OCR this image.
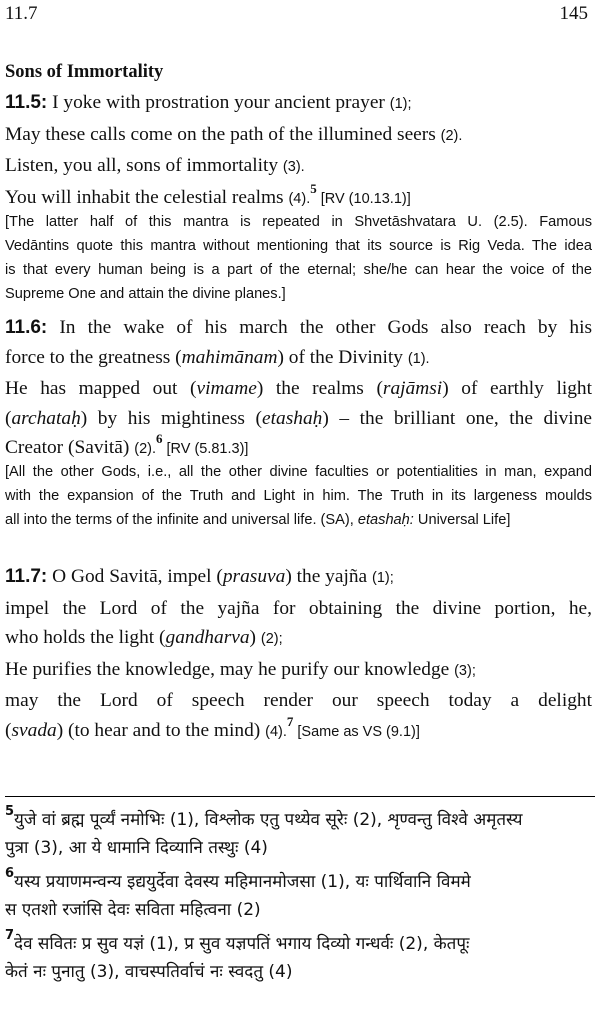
11.7	145
Sons of Immortality
11.5: I yoke with prostration your ancient prayer (1);
May these calls come on the path of the illumined seers (2).
Listen, you all, sons of immortality (3).
You will inhabit the celestial realms (4).$^5$ [RV (10.13.1)]
[The latter half of this mantra is repeated in Shvetāshvatara U. (2.5). Famous
Vedāntins quote this mantra without mentioning that its source is Rig Veda. The idea
is that every human being is a part of the eternal; she/he can hear the voice of the
Supreme One and attain the divine planes.]
11.6: In the wake of his march the other Gods also reach by his
force to the greatness (mahimānam) of the Divinity (1).
He has mapped out (vimame) the realms (rajāmsi) of earthly light
(archataḥ) by his mightiness (etashaḥ) – the brilliant one, the divine
Creator (Savitā) (2).$^6$ [RV (5.81.3)]
[All the other Gods, i.e., all the other divine faculties or potentialities in man, expand
with the expansion of the Truth and Light in him. The Truth in its largeness moulds
all into the terms of the infinite and universal life. (SA), etashaḥ: Universal Life]
11.7: O God Savitā, impel (prasuva) the yajña (1);
impel the Lord of the yajña for obtaining the divine portion, he,
who holds the light (gandharva) (2);
He purifies the knowledge, may he purify our knowledge (3);
may the Lord of speech render our speech today a delight
(svada) (to hear and to the mind) (4).$^7$ [Same as VS (9.1)]
$^5$युजे वां ब्रह्म पूर्व्यं नमोभिः (1), विश्लोक एतु पथ्येव सूरेः (2), शृण्वन्तु विश्वे अमृतस्य
पुत्रा (3), आ ये धामानि दिव्यानि तस्थुः (4)
$^6$यस्य प्रयाणमन्वन्य इद्ययुर्देवा देवस्य महिमानमोजसा (1), यः पार्थिवानि विममे
स एतशो रजांसि देवः सविता महित्वना (2)
$^7$देव सवितः प्र सुव यज्ञं (1), प्र सुव यज्ञपतिं भगाय दिव्यो गन्धर्वः (2), केतपूः
केतं नः पुनातु (3), वाचस्पतिर्वाचं नः स्वदतु (4)
